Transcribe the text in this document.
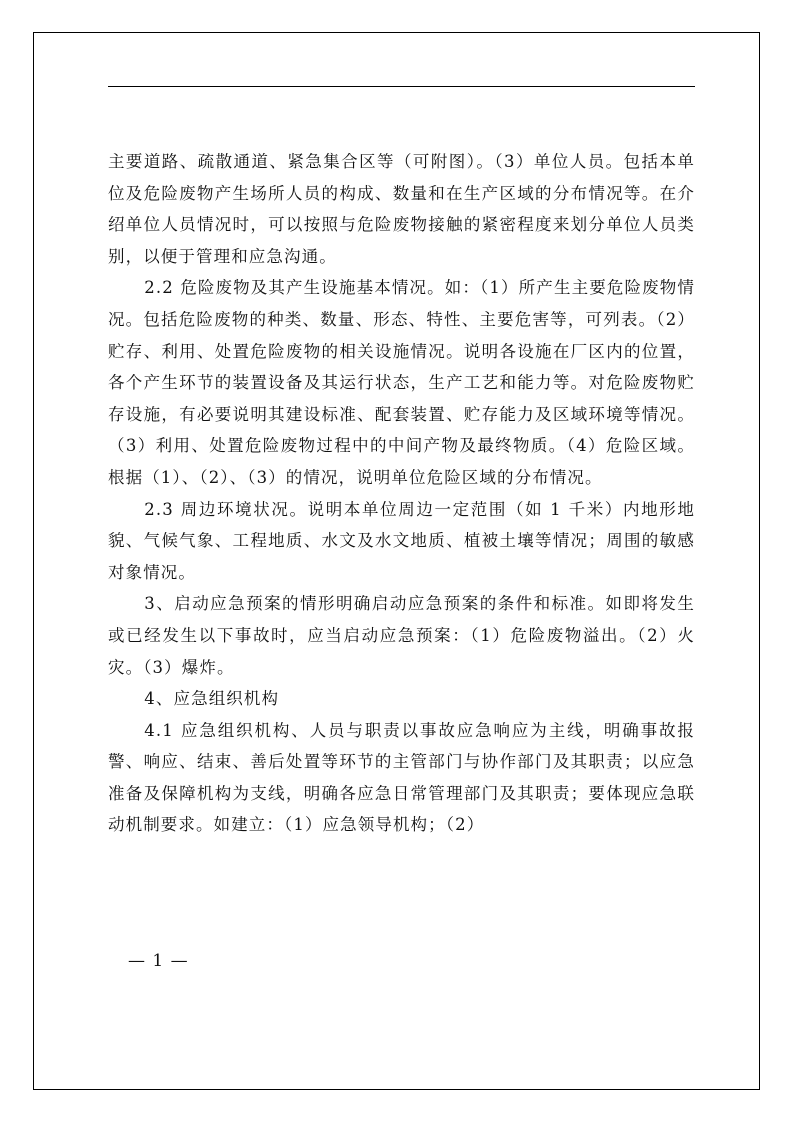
主要道路、疏散通道、紧急集合区等（可附图）。（3）单位人员。包括本单位及危险废物产生场所人员的构成、数量和在生产区域的分布情况等。在介绍单位人员情况时，可以按照与危险废物接触的紧密程度来划分单位人员类别，以便于管理和应急沟通。

2.2 危险废物及其产生设施基本情况。如：（1）所产生主要危险废物情况。包括危险废物的种类、数量、形态、特性、主要危害等，可列表。（2）贮存、利用、处置危险废物的相关设施情况。说明各设施在厂区内的位置，各个产生环节的装置设备及其运行状态，生产工艺和能力等。对危险废物贮存设施，有必要说明其建设标准、配套装置、贮存能力及区域环境等情况。（3）利用、处置危险废物过程中的中间产物及最终物质。（4）危险区域。根据（1）、（2）、（3）的情况，说明单位危险区域的分布情况。

2.3 周边环境状况。说明本单位周边一定范围（如 1 千米）内地形地貌、气候气象、工程地质、水文及水文地质、植被土壤等情况；周围的敏感对象情况。

3、启动应急预案的情形明确启动应急预案的条件和标准。如即将发生或已经发生以下事故时，应当启动应急预案：（1）危险废物溢出。（2）火灾。（3）爆炸。

4、应急组织机构

4.1 应急组织机构、人员与职责以事故应急响应为主线，明确事故报警、响应、结束、善后处置等环节的主管部门与协作部门及其职责；以应急准备及保障机构为支线，明确各应急日常管理部门及其职责；要体现应急联动机制要求。如建立：（1）应急领导机构；（2）

— 1 —
